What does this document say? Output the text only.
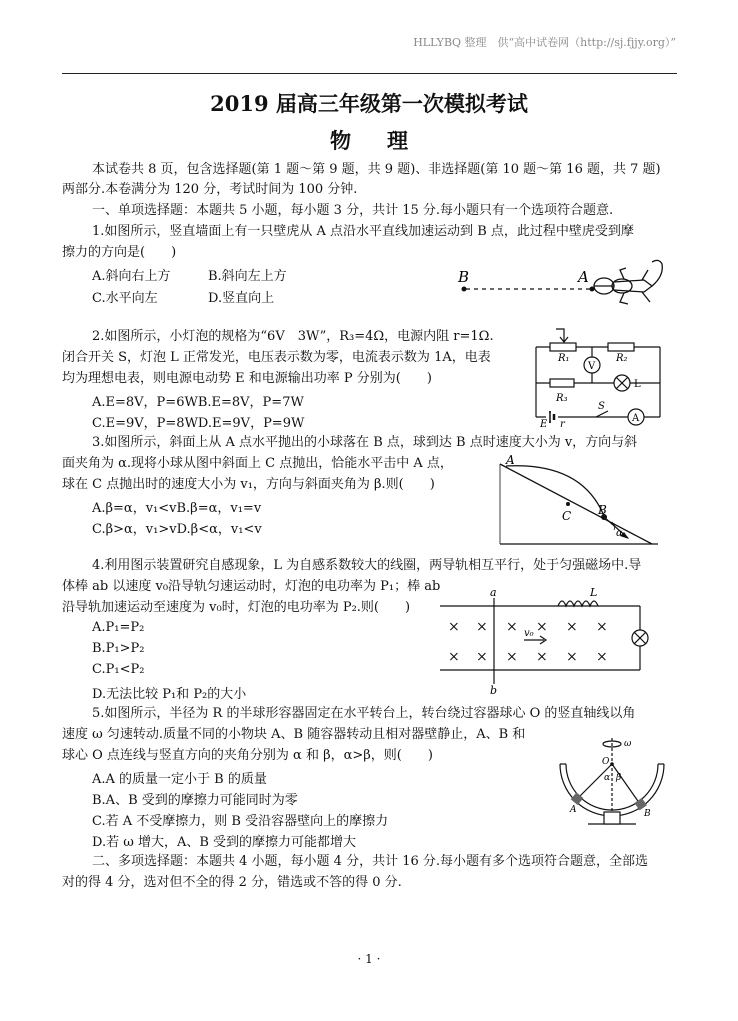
HLLYBQ 整理　供“高中试卷网（http://sj.fjjy.org）”
2019 届高三年级第一次模拟考试
物理
本试卷共 8 页，包含选择题(第 1 题～第 9 题，共 9 题)、非选择题(第 10 题～第 16 题，共 7 题)
两部分.本卷满分为 120 分，考试时间为 100 分钟.
一、单项选择题：本题共 5 小题，每小题 3 分，共计 15 分.每小题只有一个选项符合题意.
1.如图所示，竖直墙面上有一只壁虎从 A 点沿水平直线加速运动到 B 点，此过程中壁虎受到摩
擦力的方向是(　　)
A.斜向右上方	B.斜向左上方
C.水平向左	D.竖直向上
B	A
2.如图所示，小灯泡的规格为“6V　3W”，R₃=4Ω，电源内阻 r=1Ω.
闭合开关 S，灯泡 L 正常发光，电压表示数为零，电流表示数为 1A，电表
均为理想电表，则电源电动势 E 和电源输出功率 P 分别为(　　)
A.E=8V，P=6WB.E=8V，P=7W
C.E=9V，P=8WD.E=9V，P=9W
R₁	R₂
V
L
R₃
A
E r
S
3.如图所示，斜面上从 A 点水平抛出的小球落在 B 点，球到达 B 点时速度大小为 v，方向与斜
面夹角为 α.现将小球从图中斜面上 C 点抛出，恰能水平击中 A 点，
球在 C 点抛出时的速度大小为 v₁，方向与斜面夹角为 β.则(　　)
A.β=α，v₁<vB.β=α，v₁=v
C.β>α，v₁>vD.β<α，v₁<v
A
C B
α
4.利用图示装置研究自感现象，L 为自感系数较大的线圈，两导轨相互平行，处于匀强磁场中.导
体棒 ab 以速度 v₀沿导轨匀速运动时，灯泡的电功率为 P₁；棒 ab
沿导轨加速运动至速度为 v₀时，灯泡的电功率为 P₂.则(　　)
A.P₁=P₂
B.P₁>P₂
C.P₁<P₂
D.无法比较 P₁和 P₂的大小
× × × × × ×
× × × × × ×
a
b
L
v₀
5.如图所示，半径为 R 的半球形容器固定在水平转台上，转台绕过容器球心 O 的竖直轴线以角
速度 ω 匀速转动.质量不同的小物块 A、B 随容器转动且相对器壁静止，A、B 和
球心 O 点连线与竖直方向的夹角分别为 α 和 β，α>β，则(　　)
A.A 的质量一定小于 B 的质量
B.A、B 受到的摩擦力可能同时为零
C.若 A 不受摩擦力，则 B 受沿容器壁向上的摩擦力
D.若 ω 增大，A、B 受到的摩擦力可能都增大
ω
O
α β
A	B
二、多项选择题：本题共 4 小题，每小题 4 分，共计 16 分.每小题有多个选项符合题意，全部选
对的得 4 分，选对但不全的得 2 分，错选或不答的得 0 分.
· 1 ·
